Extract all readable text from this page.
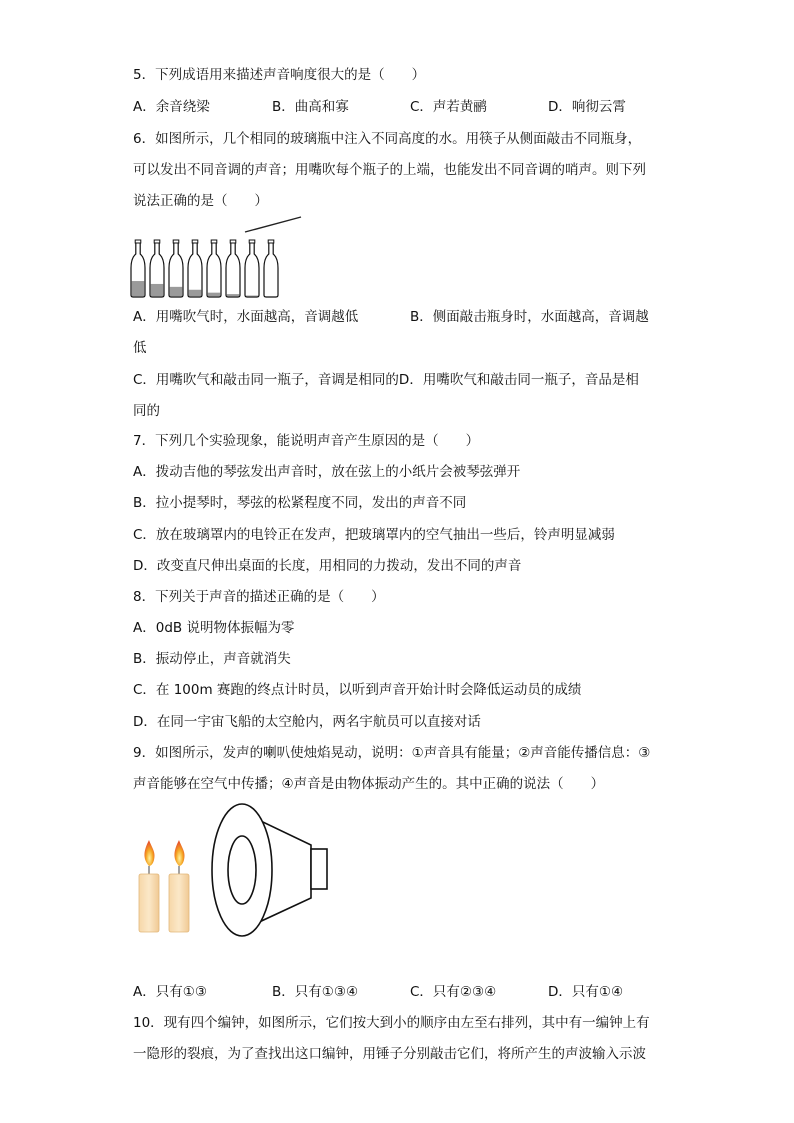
5．下列成语用来描述声音响度很大的是（　　）
A．余音绕梁	B．曲高和寡	C．声若黄鹂	D．响彻云霄
6．如图所示，几个相同的玻璃瓶中注入不同高度的水。用筷子从侧面敲击不同瓶身，
可以发出不同音调的声音；用嘴吹每个瓶子的上端，也能发出不同音调的哨声。则下列
说法正确的是（　　）
A．用嘴吹气时，水面越高，音调越低	B．侧面敲击瓶身时，水面越高，音调越
低
C．用嘴吹气和敲击同一瓶子，音调是相同的D．用嘴吹气和敲击同一瓶子，音品是相
同的
7．下列几个实验现象，能说明声音产生原因的是（　　）
A．拨动吉他的琴弦发出声音时，放在弦上的小纸片会被琴弦弹开
B．拉小提琴时，琴弦的松紧程度不同，发出的声音不同
C．放在玻璃罩内的电铃正在发声，把玻璃罩内的空气抽出一些后，铃声明显减弱
D．改变直尺伸出桌面的长度，用相同的力拨动，发出不同的声音
8．下列关于声音的描述正确的是（　　）
A．0dB 说明物体振幅为零
B．振动停止，声音就消失
C．在 100m 赛跑的终点计时员，以听到声音开始计时会降低运动员的成绩
D．在同一宇宙飞船的太空舱内，两名宇航员可以直接对话
9．如图所示，发声的喇叭使烛焰晃动，说明：①声音具有能量；②声音能传播信息：③
声音能够在空气中传播；④声音是由物体振动产生的。其中正确的说法（　　）
A．只有①③	B．只有①③④	C．只有②③④	D．只有①④
10．现有四个编钟，如图所示，它们按大到小的顺序由左至右排列，其中有一编钟上有
一隐形的裂痕，为了查找出这口编钟，用锤子分别敲击它们，将所产生的声波输入示波
